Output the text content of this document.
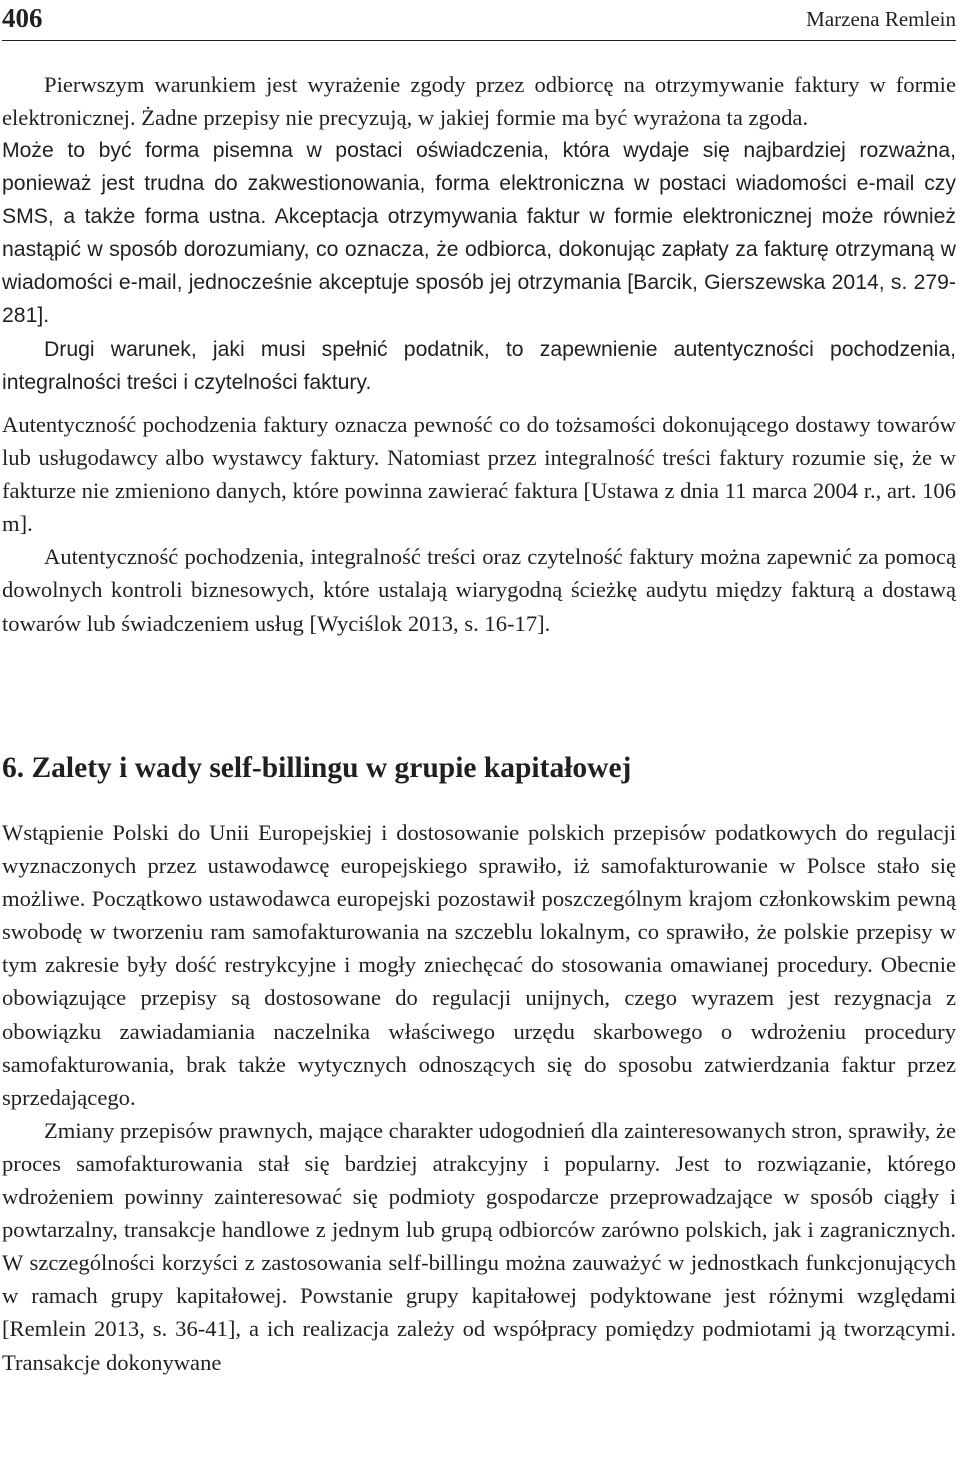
406	Marzena Remlein

Pierwszym warunkiem jest wyrażenie zgody przez odbiorcę na otrzymywanie faktury w formie elektronicznej. Żadne przepisy nie precyzują, w jakiej formie ma być wyrażona ta zgoda.

Może to być forma pisemna w postaci oświadczenia, która wydaje się najbardziej rozważna, ponieważ jest trudna do zakwestionowania, forma elektroniczna w postaci wiadomości e-mail czy SMS, a także forma ustna. Akceptacja otrzymywania faktur w formie elektronicznej może również nastąpić w sposób dorozumiany, co oznacza, że odbiorca, dokonując zapłaty za fakturę otrzymaną w wiadomości e-mail, jednocześnie akceptuje sposób jej otrzymania [Barcik, Gierszewska 2014, s. 279-281].

Drugi warunek, jaki musi spełnić podatnik, to zapewnienie autentyczności pochodzenia, integralności treści i czytelności faktury.

Autentyczność pochodzenia faktury oznacza pewność co do tożsamości dokonującego dostawy towarów lub usługodawcy albo wystawcy faktury. Natomiast przez integralność treści faktury rozumie się, że w fakturze nie zmieniono danych, które powinna zawierać faktura [Ustawa z dnia 11 marca 2004 r., art. 106 m].

Autentyczność pochodzenia, integralność treści oraz czytelność faktury można zapewnić za pomocą dowolnych kontroli biznesowych, które ustalają wiarygodną ścieżkę audytu między fakturą a dostawą towarów lub świadczeniem usług [Wyciślok 2013, s. 16-17].

6. Zalety i wady self-billingu w grupie kapitałowej

Wstąpienie Polski do Unii Europejskiej i dostosowanie polskich przepisów podatkowych do regulacji wyznaczonych przez ustawodawcę europejskiego sprawiło, iż samofakturowanie w Polsce stało się możliwe. Początkowo ustawodawca europejski pozostawił poszczególnym krajom członkowskim pewną swobodę w tworzeniu ram samofakturowania na szczeblu lokalnym, co sprawiło, że polskie przepisy w tym zakresie były dość restrykcyjne i mogły zniechęcać do stosowania omawianej procedury. Obecnie obowiązujące przepisy są dostosowane do regulacji unijnych, czego wyrazem jest rezygnacja z obowiązku zawiadamiania naczelnika właściwego urzędu skarbowego o wdrożeniu procedury samofakturowania, brak także wytycznych odnoszących się do sposobu zatwierdzania faktur przez sprzedającego.

Zmiany przepisów prawnych, mające charakter udogodnień dla zainteresowanych stron, sprawiły, że proces samofakturowania stał się bardziej atrakcyjny i popularny. Jest to rozwiązanie, którego wdrożeniem powinny zainteresować się podmioty gospodarcze przeprowadzające w sposób ciągły i powtarzalny, transakcje handlowe z jednym lub grupą odbiorców zarówno polskich, jak i zagranicznych. W szczególności korzyści z zastosowania self-billingu można zauważyć w jednostkach funkcjonujących w ramach grupy kapitałowej. Powstanie grupy kapitałowej podyktowane jest różnymi względami [Remlein 2013, s. 36-41], a ich realizacja zależy od współpracy pomiędzy podmiotami ją tworzącymi. Transakcje dokonywane
